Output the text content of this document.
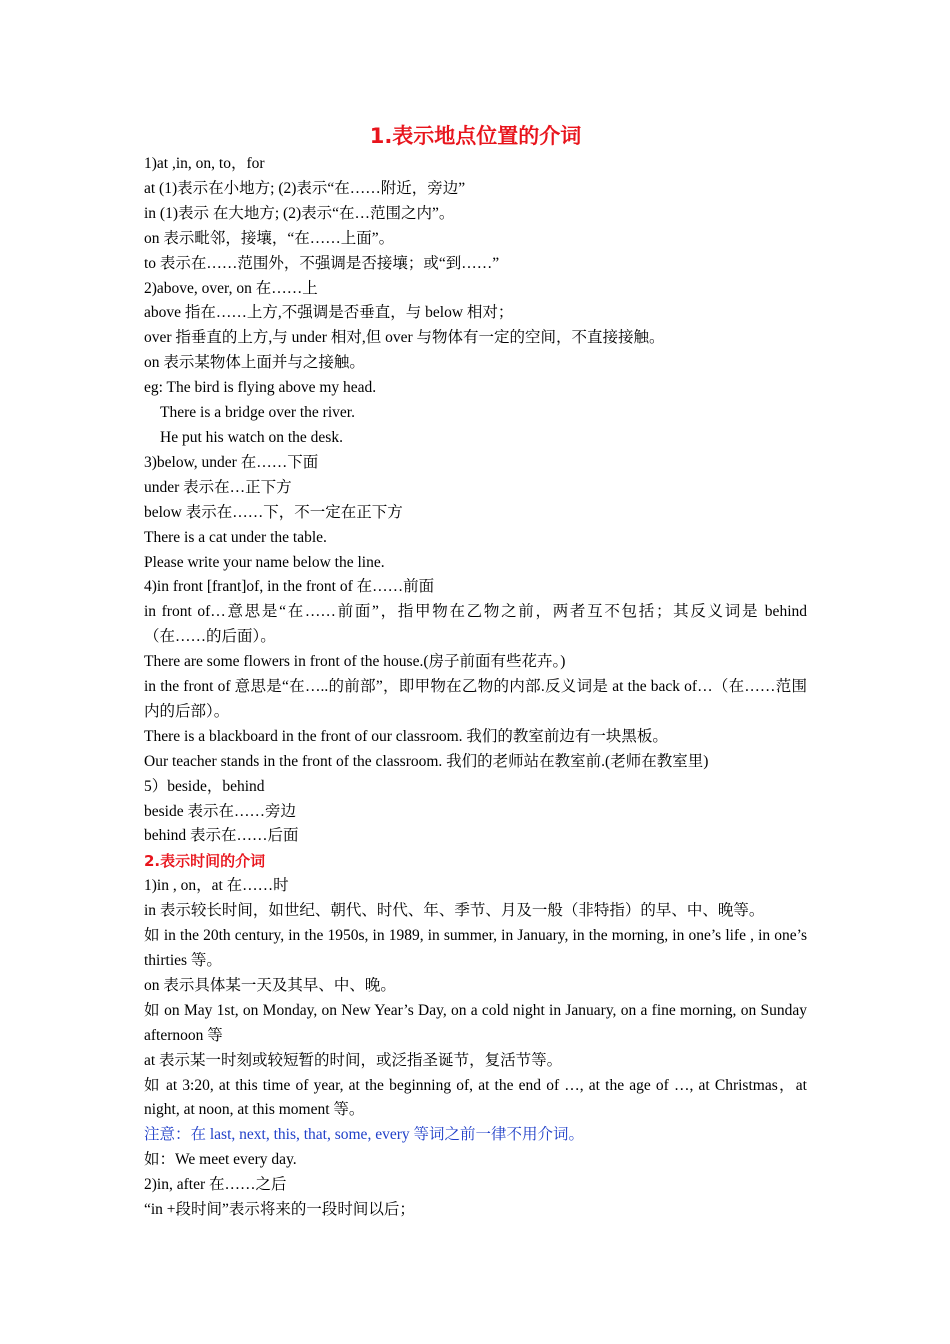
1.表示地点位置的介词
1)at ,in, on, to，for
at (1)表示在小地方; (2)表示“在……附近，旁边”
in (1)表示 在大地方; (2)表示“在…范围之内”。
on 表示毗邻，接壤，“在……上面”。
to 表示在……范围外，不强调是否接壤；或“到……”
2)above, over, on 在……上
above 指在……上方,不强调是否垂直，与 below 相对；
over 指垂直的上方,与 under 相对,但 over 与物体有一定的空间，不直接接触。
on 表示某物体上面并与之接触。
eg: The bird is flying above my head.
There is a bridge over the river.
He put his watch on the desk.
3)below, under 在……下面
under 表示在…正下方
below 表示在……下，不一定在正下方
There is a cat under the table.
Please write your name below the line.
4)in front [frant]of, in the front of 在……前面
in front of…意思是“在……前面”，指甲物在乙物之前，两者互不包括；其反义词是 behind（在……的后面）。
There are some flowers in front of the house.(房子前面有些花卉。)
in the front of 意思是“在…..的前部”，即甲物在乙物的内部.反义词是 at the back of…（在……范围内的后部）。
There is a blackboard in the front of our classroom. 我们的教室前边有一块黑板。
Our teacher stands in the front of the classroom. 我们的老师站在教室前.(老师在教室里)
5）beside，behind
beside 表示在……旁边
behind 表示在……后面
2.表示时间的介词
1)in , on，at 在……时
in 表示较长时间，如世纪、朝代、时代、年、季节、月及一般（非特指）的早、中、晚等。
如 in the 20th century, in the 1950s, in 1989, in summer, in January, in the morning, in one’s life , in one’s thirties 等。
on 表示具体某一天及其早、中、晚。
如 on May 1st, on Monday, on New Year’s Day, on a cold night in January, on a fine morning, on Sunday afternoon 等
at 表示某一时刻或较短暂的时间，或泛指圣诞节，复活节等。
如 at 3:20, at this time of year, at the beginning of, at the end of …, at the age of …, at Christmas，at night, at noon, at this moment 等。
注意：在 last, next, this, that, some, every 等词之前一律不用介词。
如：We meet every day.
2)in, after 在……之后
“in +段时间”表示将来的一段时间以后；
